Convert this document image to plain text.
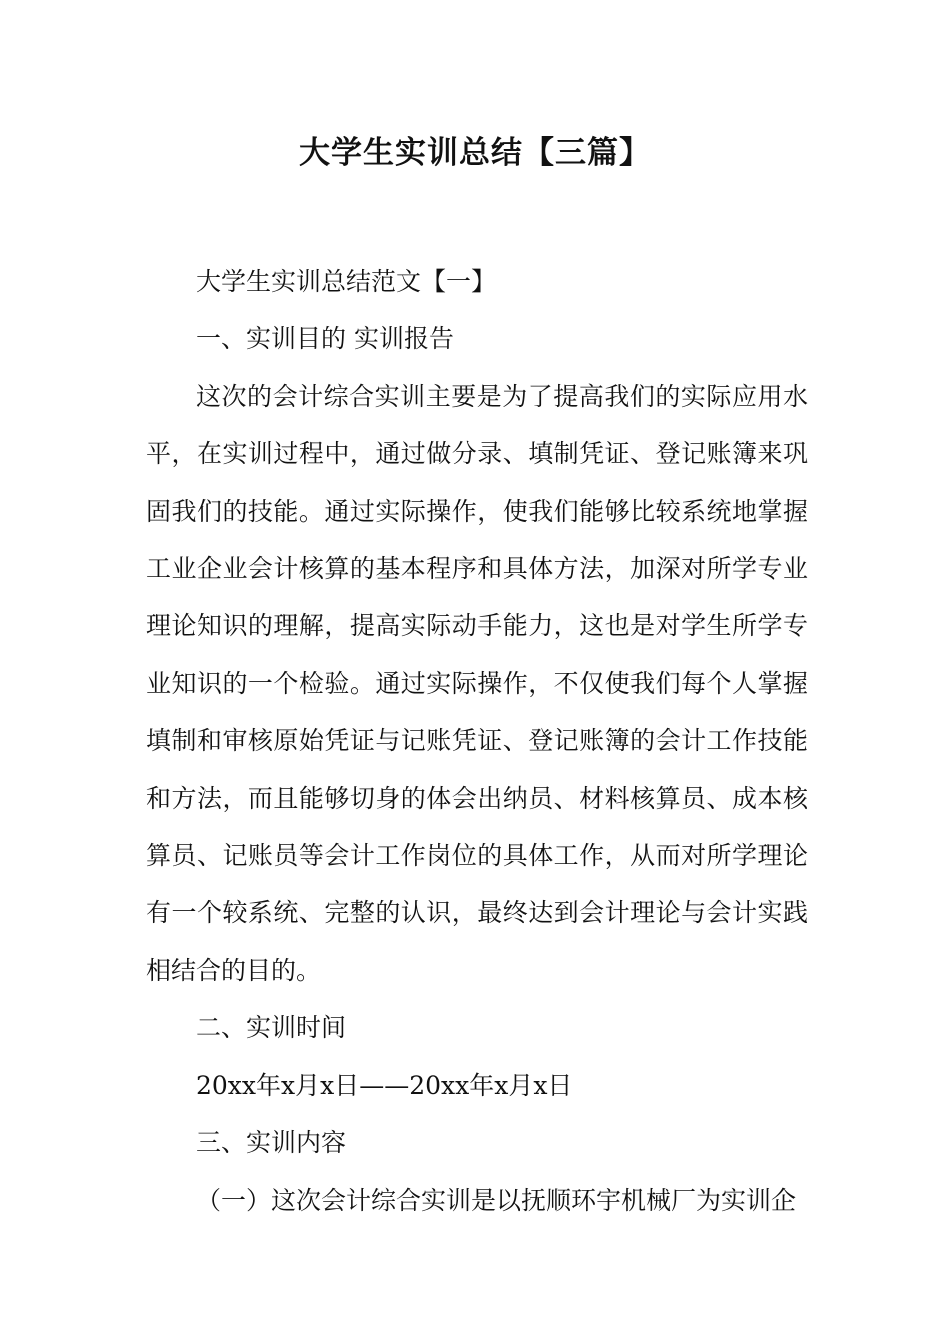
大学生实训总结【三篇】

大学生实训总结范文【一】

一、实训目的 实训报告

这次的会计综合实训主要是为了提高我们的实际应用水平，在实训过程中，通过做分录、填制凭证、登记账簿来巩固我们的技能。通过实际操作，使我们能够比较系统地掌握工业企业会计核算的基本程序和具体方法，加深对所学专业理论知识的理解，提高实际动手能力，这也是对学生所学专业知识的一个检验。通过实际操作，不仅使我们每个人掌握填制和审核原始凭证与记账凭证、登记账簿的会计工作技能和方法，而且能够切身的体会出纳员、材料核算员、成本核算员、记账员等会计工作岗位的具体工作，从而对所学理论有一个较系统、完整的认识，最终达到会计理论与会计实践相结合的目的。

二、实训时间

20xx年x月x日——20xx年x月x日

三、实训内容

（一）这次会计综合实训是以抚顺环宇机械厂为实训企
